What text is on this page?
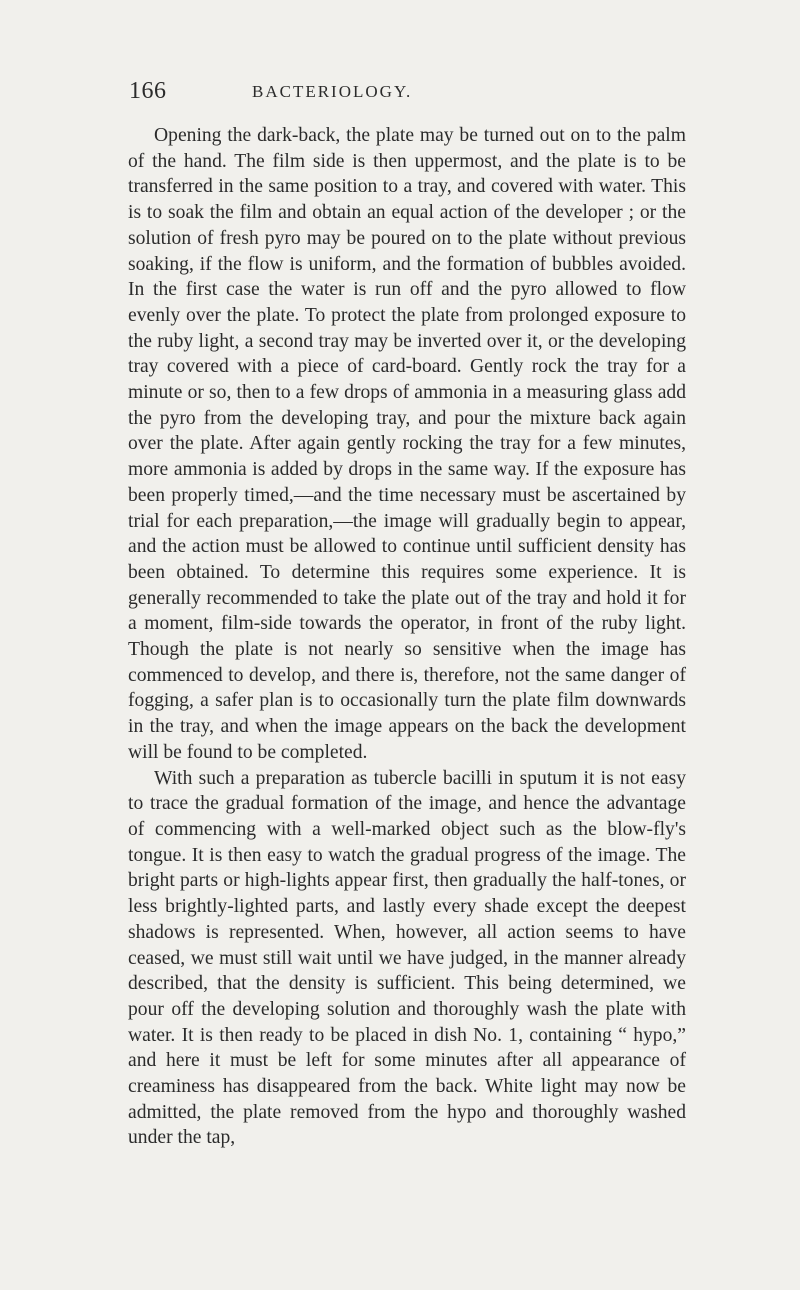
166	BACTERIOLOGY.

Opening the dark-back, the plate may be turned out on to the palm of the hand. The film side is then uppermost, and the plate is to be transferred in the same position to a tray, and covered with water. This is to soak the film and obtain an equal action of the developer ; or the solution of fresh pyro may be poured on to the plate without previous soaking, if the flow is uniform, and the formation of bubbles avoided. In the first case the water is run off and the pyro allowed to flow evenly over the plate. To protect the plate from prolonged exposure to the ruby light, a second tray may be inverted over it, or the developing tray covered with a piece of card-board. Gently rock the tray for a minute or so, then to a few drops of ammonia in a measuring glass add the pyro from the developing tray, and pour the mixture back again over the plate. After again gently rocking the tray for a few minutes, more ammonia is added by drops in the same way. If the exposure has been properly timed,—and the time necessary must be ascertained by trial for each preparation,—the image will gradually begin to appear, and the action must be allowed to continue until sufficient density has been obtained. To determine this requires some experience. It is generally recommended to take the plate out of the tray and hold it for a moment, film-side towards the operator, in front of the ruby light. Though the plate is not nearly so sensitive when the image has commenced to develop, and there is, therefore, not the same danger of fogging, a safer plan is to occasionally turn the plate film downwards in the tray, and when the image appears on the back the development will be found to be completed.

With such a preparation as tubercle bacilli in sputum it is not easy to trace the gradual formation of the image, and hence the advantage of commencing with a well-marked object such as the blow-fly's tongue. It is then easy to watch the gradual progress of the image. The bright parts or high-lights appear first, then gradually the half-tones, or less brightly-lighted parts, and lastly every shade except the deepest shadows is represented. When, however, all action seems to have ceased, we must still wait until we have judged, in the manner already described, that the density is sufficient. This being determined, we pour off the developing solution and thoroughly wash the plate with water. It is then ready to be placed in dish No. 1, containing “ hypo,” and here it must be left for some minutes after all appearance of creaminess has disappeared from the back. White light may now be admitted, the plate removed from the hypo and thoroughly washed under the tap,
